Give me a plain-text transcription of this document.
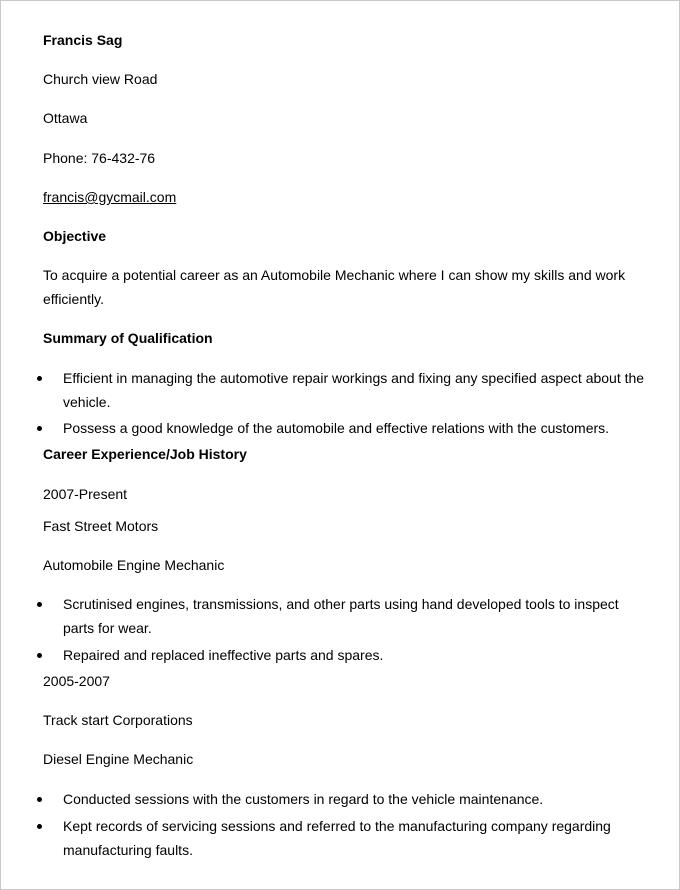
Francis Sag
Church view Road
Ottawa
Phone: 76-432-76
francis@gycmail.com
Objective
To acquire a potential career as an Automobile Mechanic where I can show my skills and work efficiently.
Summary of Qualification
Efficient in managing the automotive repair workings and fixing any specified aspect about the vehicle.
Possess a good knowledge of the automobile and effective relations with the customers.
Career Experience/Job History
2007-Present
Fast Street Motors
Automobile Engine Mechanic
Scrutinised engines, transmissions, and other parts using hand developed tools to inspect parts for wear.
Repaired and replaced ineffective parts and spares.
2005-2007
Track start Corporations
Diesel Engine Mechanic
Conducted sessions with the customers in regard to the vehicle maintenance.
Kept records of servicing sessions and referred to the manufacturing company regarding manufacturing faults.
